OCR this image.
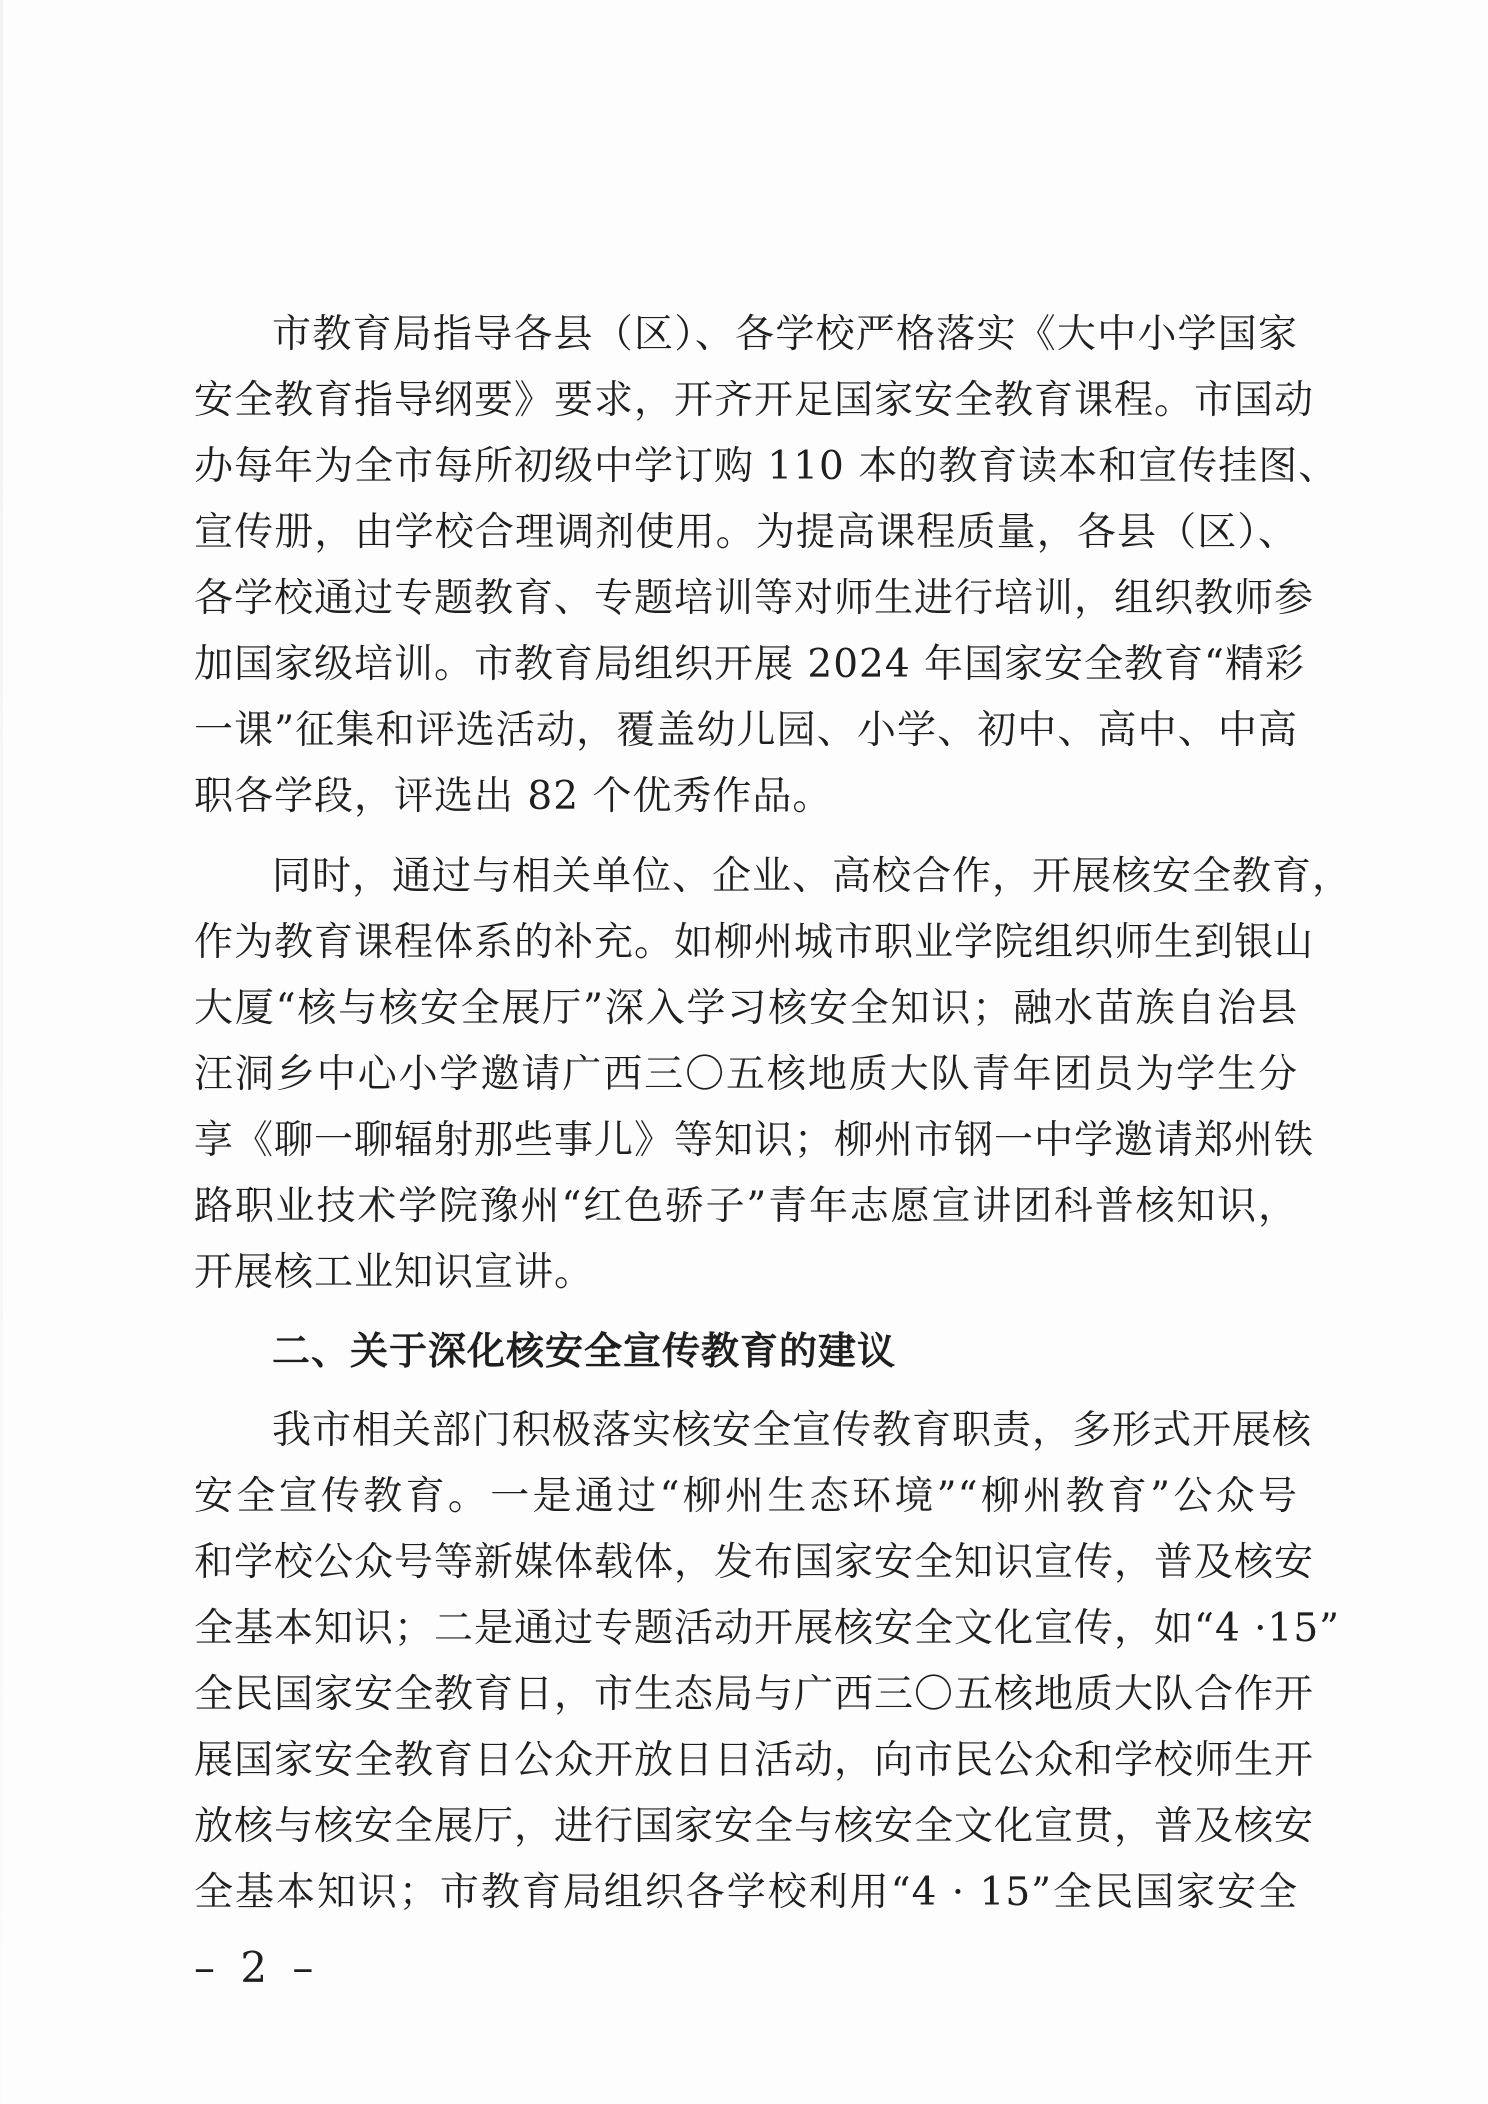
市教育局指导各县（区）、各学校严格落实《大中小学国家
安全教育指导纲要》要求，开齐开足国家安全教育课程。市国动
办每年为全市每所初级中学订购 110 本的教育读本和宣传挂图、
宣传册，由学校合理调剂使用。为提高课程质量，各县（区）、
各学校通过专题教育、专题培训等对师生进行培训，组织教师参
加国家级培训。市教育局组织开展 2024 年国家安全教育“精彩
一课”征集和评选活动，覆盖幼儿园、小学、初中、高中、中高
职各学段，评选出 82 个优秀作品。
同时，通过与相关单位、企业、高校合作，开展核安全教育，
作为教育课程体系的补充。如柳州城市职业学院组织师生到银山
大厦“核与核安全展厅”深入学习核安全知识；融水苗族自治县
汪洞乡中心小学邀请广西三〇五核地质大队青年团员为学生分
享《聊一聊辐射那些事儿》等知识；柳州市钢一中学邀请郑州铁
路职业技术学院豫州“红色骄子”青年志愿宣讲团科普核知识，
开展核工业知识宣讲。
二、关于深化核安全宣传教育的建议
我市相关部门积极落实核安全宣传教育职责，多形式开展核
安全宣传教育。一是通过“柳州生态环境”“柳州教育”公众号
和学校公众号等新媒体载体，发布国家安全知识宣传，普及核安
全基本知识；二是通过专题活动开展核安全文化宣传，如“4 ·15”
全民国家安全教育日，市生态局与广西三〇五核地质大队合作开
展国家安全教育日公众开放日日活动，向市民公众和学校师生开
放核与核安全展厅，进行国家安全与核安全文化宣贯，普及核安
全基本知识；市教育局组织各学校利用“4 · 15”全民国家安全
– 2 –
